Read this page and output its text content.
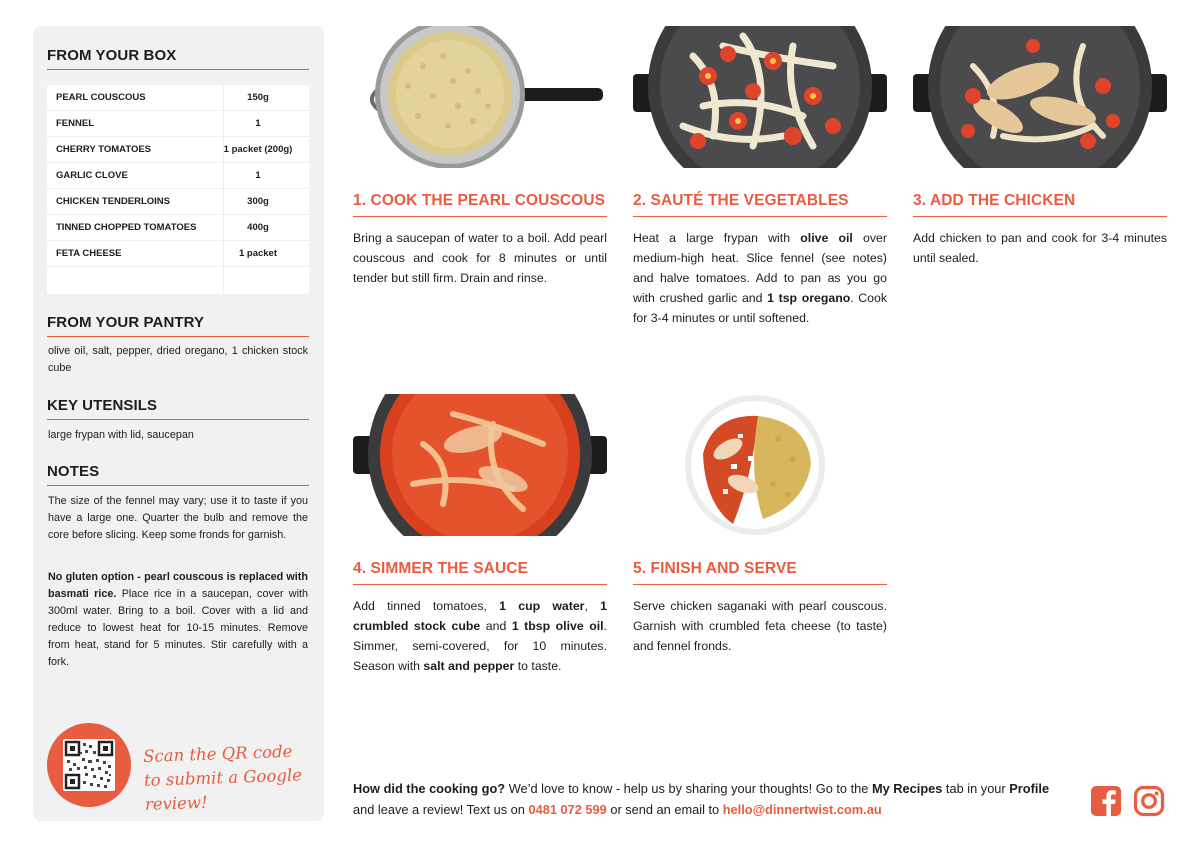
FROM YOUR BOX
PEARL COUSCOUS	150g
FENNEL	1
CHERRY TOMATOES	1 packet (200g)
GARLIC CLOVE	1
CHICKEN TENDERLOINS	300g
TINNED CHOPPED TOMATOES	400g
FETA CHEESE	1 packet
FROM YOUR PANTRY
olive oil, salt, pepper, dried oregano, 1 chicken stock cube
KEY UTENSILS
large frypan with lid, saucepan
NOTES
The size of the fennel may vary; use it to taste if you have a large one. Quarter the bulb and remove the core before slicing. Keep some fronds for garnish.
No gluten option - pearl couscous is replaced with basmati rice. Place rice in a saucepan, cover with 300ml water. Bring to a boil. Cover with a lid and reduce to lowest heat for 10-15 minutes. Remove from heat, stand for 5 minutes. Stir carefully with a fork.
Scan the QR code to submit a Google review!
1. COOK THE PEARL COUSCOUS
Bring a saucepan of water to a boil. Add pearl couscous and cook for 8 minutes or until tender but still firm. Drain and rinse.
2. SAUTÉ THE VEGETABLES
Heat a large frypan with olive oil over medium-high heat. Slice fennel (see notes) and halve tomatoes. Add to pan as you go with crushed garlic and 1 tsp oregano. Cook for 3-4 minutes or until softened.
3. ADD THE CHICKEN
Add chicken to pan and cook for 3-4 minutes until sealed.
4. SIMMER THE SAUCE
Add tinned tomatoes, 1 cup water, 1 crumbled stock cube and 1 tbsp olive oil. Simmer, semi-covered, for 10 minutes. Season with salt and pepper to taste.
5. FINISH AND SERVE
Serve chicken saganaki with pearl couscous. Garnish with crumbled feta cheese (to taste) and fennel fronds.
How did the cooking go? We’d love to know - help us by sharing your thoughts! Go to the My Recipes tab in your Profile and leave a review! Text us on 0481 072 599 or send an email to hello@dinnertwist.com.au
